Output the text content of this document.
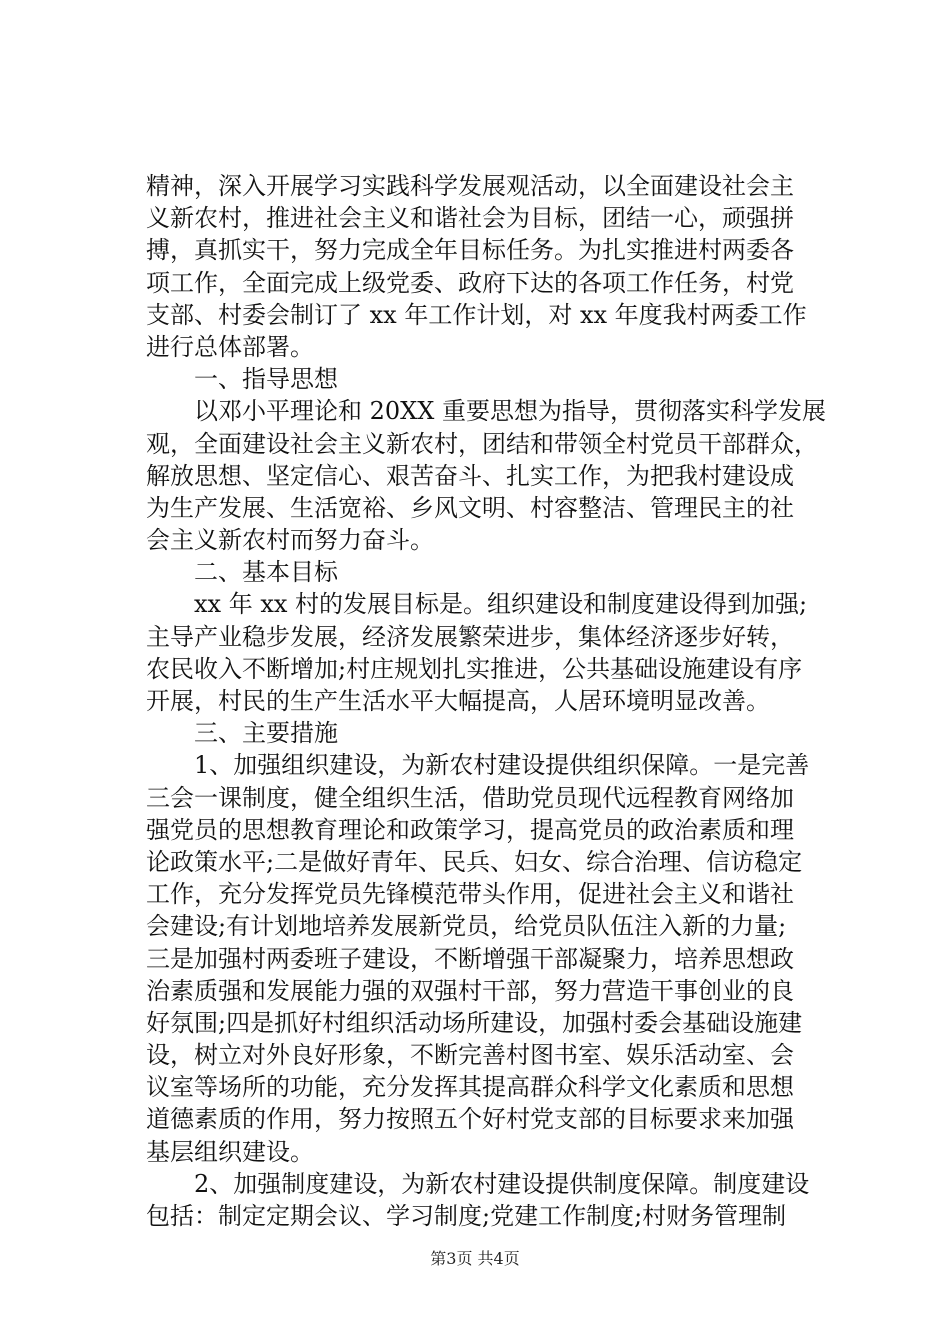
精神，深入开展学习实践科学发展观活动，以全面建设社会主
义新农村，推进社会主义和谐社会为目标，团结一心，顽强拼
搏，真抓实干，努力完成全年目标任务。为扎实推进村两委各
项工作，全面完成上级党委、政府下达的各项工作任务，村党
支部、村委会制订了 xx 年工作计划，对 xx 年度我村两委工作
进行总体部署。
　　一、指导思想
　　以邓小平理论和 20XX 重要思想为指导，贯彻落实科学发展
观，全面建设社会主义新农村，团结和带领全村党员干部群众，
解放思想、坚定信心、艰苦奋斗、扎实工作，为把我村建设成
为生产发展、生活宽裕、乡风文明、村容整洁、管理民主的社
会主义新农村而努力奋斗。
　　二、基本目标
　　xx 年 xx 村的发展目标是。组织建设和制度建设得到加强;
主导产业稳步发展，经济发展繁荣进步，集体经济逐步好转，
农民收入不断增加;村庄规划扎实推进，公共基础设施建设有序
开展，村民的生产生活水平大幅提高，人居环境明显改善。
　　三、主要措施
　　1、加强组织建设，为新农村建设提供组织保障。一是完善
三会一课制度，健全组织生活，借助党员现代远程教育网络加
强党员的思想教育理论和政策学习，提高党员的政治素质和理
论政策水平;二是做好青年、民兵、妇女、综合治理、信访稳定
工作，充分发挥党员先锋模范带头作用，促进社会主义和谐社
会建设;有计划地培养发展新党员，给党员队伍注入新的力量;
三是加强村两委班子建设，不断增强干部凝聚力，培养思想政
治素质强和发展能力强的双强村干部，努力营造干事创业的良
好氛围;四是抓好村组织活动场所建设，加强村委会基础设施建
设，树立对外良好形象，不断完善村图书室、娱乐活动室、会
议室等场所的功能，充分发挥其提高群众科学文化素质和思想
道德素质的作用，努力按照五个好村党支部的目标要求来加强
基层组织建设。
　　2、加强制度建设，为新农村建设提供制度保障。制度建设
包括：制定定期会议、学习制度;党建工作制度;村财务管理制
第3页 共4页
